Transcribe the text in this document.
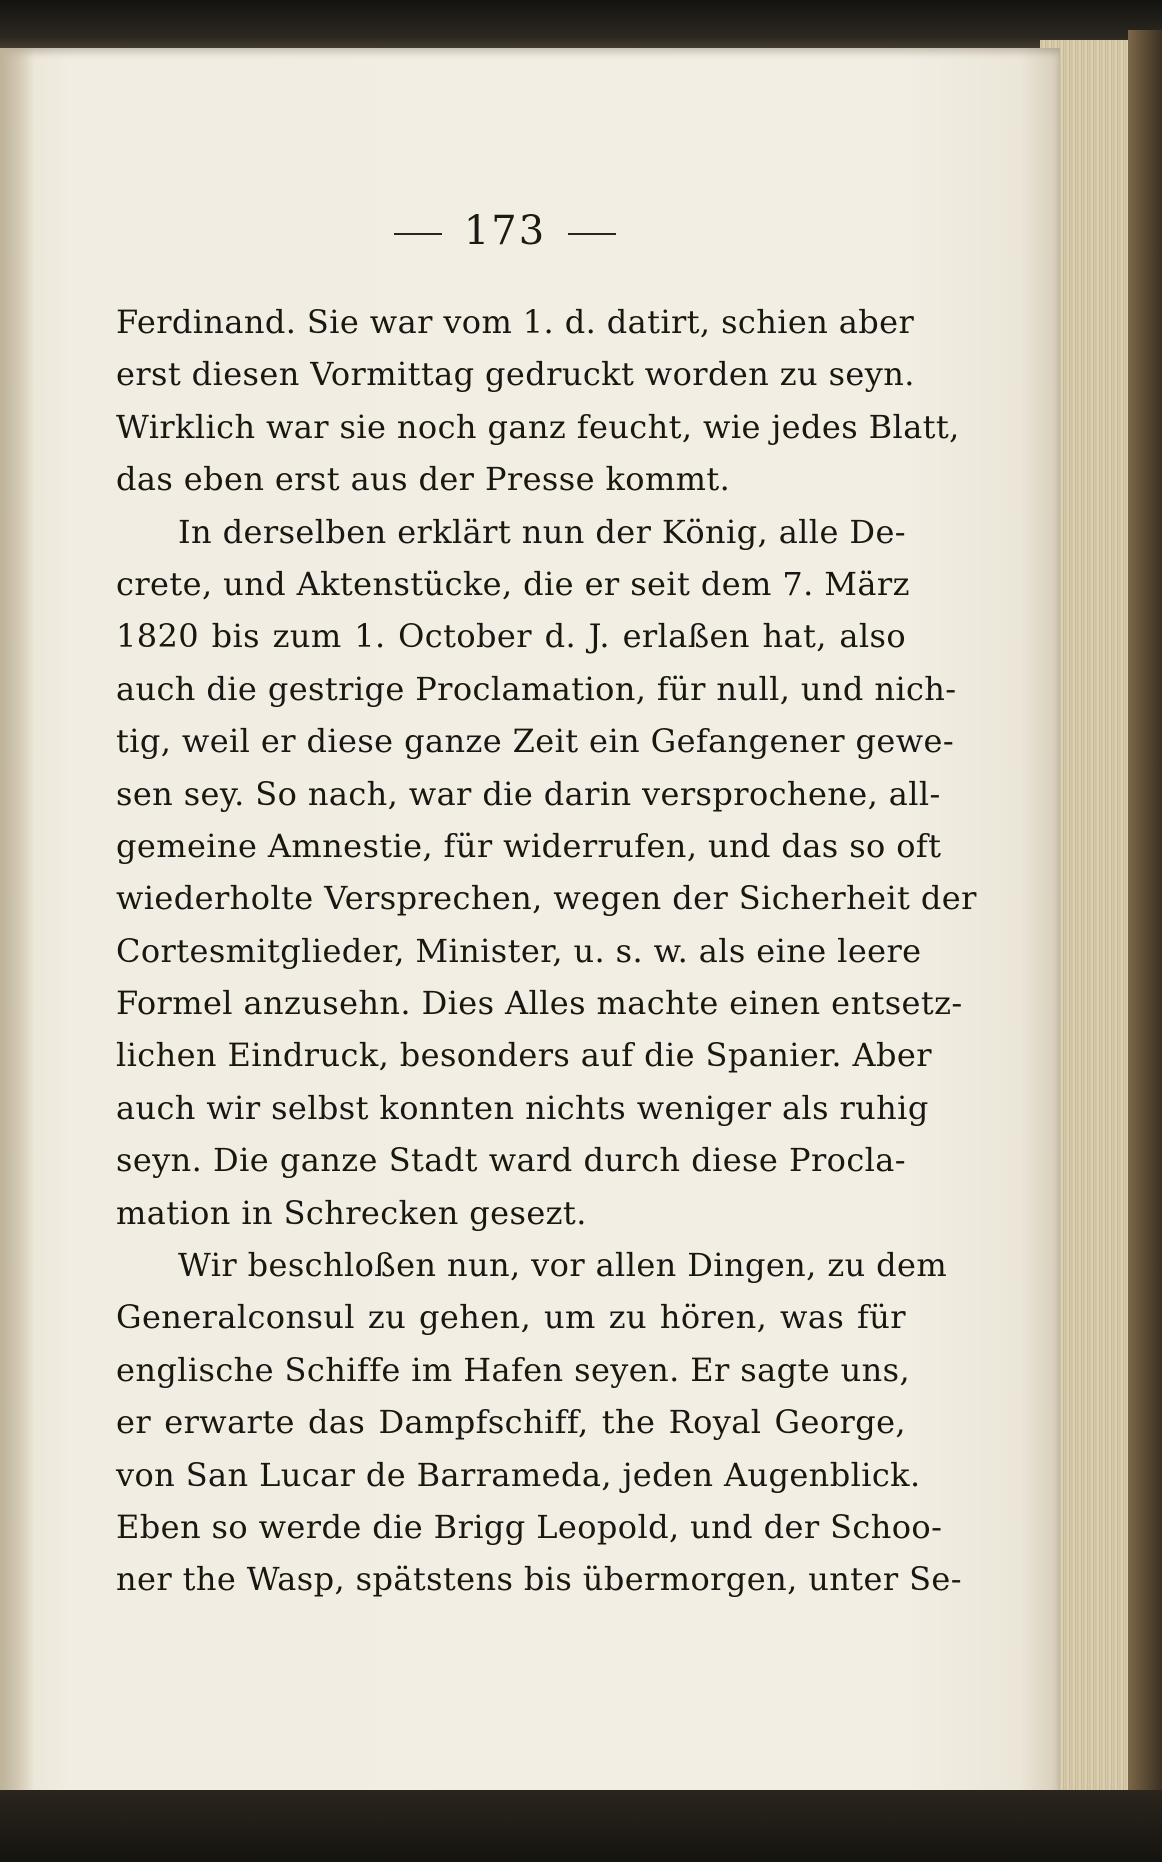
173
Ferdinand. Sie war vom 1. d. datirt, schien aber
erst diesen Vormittag gedruckt worden zu seyn.
Wirklich war sie noch ganz feucht, wie jedes Blatt,
das eben erst aus der Presse kommt.
In derselben erklärt nun der König, alle De-
crete, und Aktenstücke, die er seit dem 7. März
1820 bis zum 1. October d. J. erlaßen hat, also
auch die gestrige Proclamation, für null, und nich-
tig, weil er diese ganze Zeit ein Gefangener gewe-
sen sey. So nach, war die darin versprochene, all-
gemeine Amnestie, für widerrufen, und das so oft
wiederholte Versprechen, wegen der Sicherheit der
Cortesmitglieder, Minister, u. s. w. als eine leere
Formel anzusehn. Dies Alles machte einen entsetz-
lichen Eindruck, besonders auf die Spanier. Aber
auch wir selbst konnten nichts weniger als ruhig
seyn. Die ganze Stadt ward durch diese Procla-
mation in Schrecken gesezt.
Wir beschloßen nun, vor allen Dingen, zu dem
Generalconsul zu gehen, um zu hören, was für
englische Schiffe im Hafen seyen. Er sagte uns,
er erwarte das Dampfschiff, the Royal George,
von San Lucar de Barrameda, jeden Augenblick.
Eben so werde die Brigg Leopold, und der Schoo-
ner the Wasp, spätstens bis übermorgen, unter Se-
